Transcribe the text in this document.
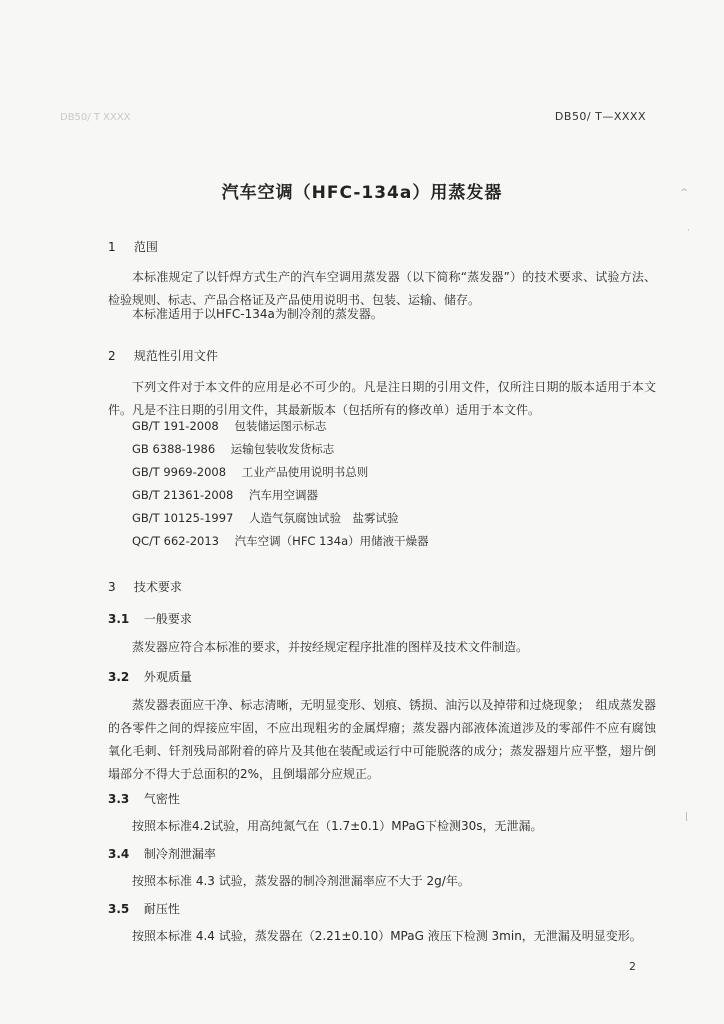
DB50/ T XXXX	DB50/ T—XXXX
^
·
|
汽车空调（HFC-134a）用蒸发器
1 范围
本标准规定了以钎焊方式生产的汽车空调用蒸发器（以下简称“蒸发器”）的技术要求、试验方法、检验规则、标志、产品合格证及产品使用说明书、包装、运输、储存。
本标准适用于以HFC-134a为制冷剂的蒸发器。
2 规范性引用文件
下列文件对于本文件的应用是必不可少的。凡是注日期的引用文件，仅所注日期的版本适用于本文件。凡是不注日期的引用文件，其最新版本（包括所有的修改单）适用于本文件。
GB/T 191-2008 包装储运图示标志
GB 6388-1986 运输包装收发货标志
GB/T 9969-2008 工业产品使用说明书总则
GB/T 21361-2008 汽车用空调器
GB/T 10125-1997 人造气氛腐蚀试验　盐雾试验
QC/T 662-2013 汽车空调（HFC 134a）用储液干燥器
3 技术要求
3.1 一般要求
蒸发器应符合本标准的要求，并按经规定程序批准的图样及技术文件制造。
3.2 外观质量
蒸发器表面应干净、标志清晰，无明显变形、划痕、锈损、油污以及掉带和过烧现象；　组成蒸发器的各零件之间的焊接应牢固，不应出现粗劣的金属焊瘤；蒸发器内部液体流道涉及的零部件不应有腐蚀氧化毛刺、钎剂残局部附着的碎片及其他在装配或运行中可能脱落的成分；蒸发器翅片应平整，翅片倒塌部分不得大于总面积的2%，且倒塌部分应规正。
3.3 气密性
按照本标准4.2试验，用高纯氮气在（1.7±0.1）MPaG下检测30s，无泄漏。
3.4 制冷剂泄漏率
按照本标准 4.3 试验，蒸发器的制冷剂泄漏率应不大于 2g/年。
3.5 耐压性
按照本标准 4.4 试验，蒸发器在（2.21±0.10）MPaG 液压下检测 3min，无泄漏及明显变形。
2
